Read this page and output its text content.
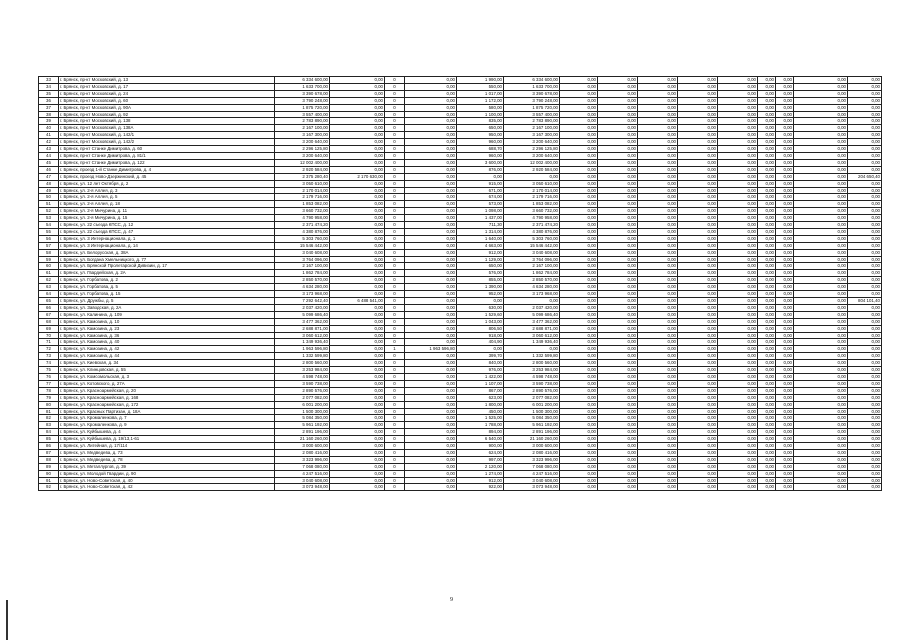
33	г. Брянск, пр-кт Московский, д. 13	6 334 600,00	0,00	0	0,00	1 990,00	6 334 600,00	0,00	0,00	0,00	0,00	0,00	0,00	0,00	0,00	0,00
34	г. Брянск, пр-кт Московский, д. 17	1 633 700,00	0,00	0	0,00	550,00	1 633 700,00	0,00	0,00	0,00	0,00	0,00	0,00	0,00	0,00	0,00
35	г. Брянск, пр-кт Московский, д. 24	3 390 678,00	0,00	0	0,00	1 017,00	3 390 678,00	0,00	0,00	0,00	0,00	0,00	0,00	0,00	0,00	0,00
36	г. Брянск, пр-кт Московский, д. 60	3 790 248,00	0,00	0	0,00	1 172,00	3 790 248,00	0,00	0,00	0,00	0,00	0,00	0,00	0,00	0,00	0,00
37	г. Брянск, пр-кт Московский, д. 90А	1 875 720,00	0,00	0	0,00	580,00	1 875 720,00	0,00	0,00	0,00	0,00	0,00	0,00	0,00	0,00	0,00
38	г. Брянск, пр-кт Московский, д. 92	3 557 400,00	0,00	0	0,00	1 100,00	3 557 400,00	0,00	0,00	0,00	0,00	0,00	0,00	0,00	0,00	0,00
39	г. Брянск, пр-кт Московский, д. 138	2 783 890,00	0,00	0	0,00	835,00	2 783 890,00	0,00	0,00	0,00	0,00	0,00	0,00	0,00	0,00	0,00
40	г. Брянск, пр-кт Московский, д. 138А	2 167 100,00	0,00	0	0,00	650,00	2 167 100,00	0,00	0,00	0,00	0,00	0,00	0,00	0,00	0,00	0,00
41	г. Брянск, пр-кт Московский, д. 142/1	3 167 300,00	0,00	0	0,00	950,00	3 167 300,00	0,00	0,00	0,00	0,00	0,00	0,00	0,00	0,00	0,00
42	г. Брянск, пр-кт Московский, д. 142/2	3 200 640,00	0,00	0	0,00	960,00	3 200 640,00	0,00	0,00	0,00	0,00	0,00	0,00	0,00	0,00	0,00
43	г. Брянск, пр-кт Станке Димитрова, д. 60	2 296 125,80	0,00	0	0,00	688,70	2 296 125,80	0,00	0,00	0,00	0,00	0,00	0,00	0,00	0,00	0,00
44	г. Брянск, пр-кт Станке Димитрова, д. 81/1	3 200 640,00	0,00	0	0,00	960,00	3 200 640,00	0,00	0,00	0,00	0,00	0,00	0,00	0,00	0,00	0,00
45	г. Брянск, пр-кт Станке Димитрова, д. 122	12 002 400,00	0,00	0	0,00	3 600,00	12 002 400,00	0,00	0,00	0,00	0,00	0,00	0,00	0,00	0,00	0,00
46	г. Брянск, проезд 1-й Станке Димитрова, д. 4	2 920 584,00	0,00	0	0,00	876,00	2 920 584,00	0,00	0,00	0,00	0,00	0,00	0,00	0,00	0,00	0,00
47	г. Брянск, проезд Ново-Дзержинский, д. 45	2 375 280,40	2 170 630,00	0	0,00	0,00	0,00	0,00	0,00	0,00	0,00	0,00	0,00	0,00	0,00	204 650,40
48	г. Брянск, ул. 12 лет Октября, д. 2	3 050 610,00	0,00	0	0,00	915,00	3 050 610,00	0,00	0,00	0,00	0,00	0,00	0,00	0,00	0,00	0,00
49	г. Брянск, ул. 2-я Аллея, д. 3	2 170 014,00	0,00	0	0,00	671,00	2 170 014,00	0,00	0,00	0,00	0,00	0,00	0,00	0,00	0,00	0,00
50	г. Брянск, ул. 2-я Аллея, д. 5	2 179 716,00	0,00	0	0,00	674,00	2 179 716,00	0,00	0,00	0,00	0,00	0,00	0,00	0,00	0,00	0,00
51	г. Брянск, ул. 2-я Аллея, д. 18	1 853 082,00	0,00	0	0,00	573,00	1 853 082,00	0,00	0,00	0,00	0,00	0,00	0,00	0,00	0,00	0,00
52	г. Брянск, ул. 2-я Мичурина, д. 11	3 660 732,00	0,00	0	0,00	1 098,00	3 660 732,00	0,00	0,00	0,00	0,00	0,00	0,00	0,00	0,00	0,00
53	г. Брянск, ул. 2-я Мичурина, д. 15	4 790 958,00	0,00	0	0,00	1 437,00	4 790 958,00	0,00	0,00	0,00	0,00	0,00	0,00	0,00	0,00	0,00
54	г. Брянск, ул. 22 съезда КПСС, д. 12	2 371 474,20	0,00	0	0,00	711,30	2 371 474,20	0,00	0,00	0,00	0,00	0,00	0,00	0,00	0,00	0,00
55	г. Брянск, ул. 22 съезда КПСС, д. 47	4 380 876,00	0,00	0	0,00	1 314,00	4 380 876,00	0,00	0,00	0,00	0,00	0,00	0,00	0,00	0,00	0,00
56	г. Брянск, ул. 3 Интернационала, д. 1	5 303 760,00	0,00	0	0,00	1 640,00	5 303 760,00	0,00	0,00	0,00	0,00	0,00	0,00	0,00	0,00	0,00
57	г. Брянск, ул. 3 Интернационала, д. 14	15 546 442,00	0,00	0	0,00	4 663,00	15 546 442,00	0,00	0,00	0,00	0,00	0,00	0,00	0,00	0,00	0,00
58	г. Брянск, ул. Белорусская, д. 38А	3 040 608,00	0,00	0	0,00	912,00	3 040 608,00	0,00	0,00	0,00	0,00	0,00	0,00	0,00	0,00	0,00
59	г. Брянск, ул. Богдана Хмельницкого, д. 77	3 764 096,00	0,00	0	0,00	1 129,00	3 764 096,00	0,00	0,00	0,00	0,00	0,00	0,00	0,00	0,00	0,00
60	г. Брянск, ул. Брянской Пролетарской Дивизии, д. 17	2 167 100,00	0,00	0	0,00	650,00	2 167 100,00	0,00	0,00	0,00	0,00	0,00	0,00	0,00	0,00	0,00
61	г. Брянск, ул. Гвардейская, д. 2А	1 862 784,00	0,00	0	0,00	576,00	1 862 784,00	0,00	0,00	0,00	0,00	0,00	0,00	0,00	0,00	0,00
62	г. Брянск, ул. Горбатова, д. 2	2 850 570,00	0,00	0	0,00	855,00	2 850 570,00	0,00	0,00	0,00	0,00	0,00	0,00	0,00	0,00	0,00
63	г. Брянск, ул. Горбатова, д. 5	4 634 280,00	0,00	0	0,00	1 390,00	4 634 280,00	0,00	0,00	0,00	0,00	0,00	0,00	0,00	0,00	0,00
64	г. Брянск, ул. Горбатова, д. 15	3 173 968,00	0,00	0	0,00	952,00	3 173 968,00	0,00	0,00	0,00	0,00	0,00	0,00	0,00	0,00	0,00
65	г. Брянск, ул. Дружбы, д. 5	7 292 642,40	6 488 541,00	0	0,00	0,00	0,00	0,00	0,00	0,00	0,00	0,00	0,00	0,00	0,00	804 101,40
66	г. Брянск, ул. Заводская, д. 2А	2 037 420,00	0,00	0	0,00	630,00	2 037 420,00	0,00	0,00	0,00	0,00	0,00	0,00	0,00	0,00	0,00
67	г. Брянск, ул. Калинина, д. 109	5 099 686,40	0,00	0	0,00	1 529,60	5 099 686,40	0,00	0,00	0,00	0,00	0,00	0,00	0,00	0,00	0,00
68	г. Брянск, ул. Камозина, д. 10	3 477 362,00	0,00	0	0,00	1 043,00	3 477 362,00	0,00	0,00	0,00	0,00	0,00	0,00	0,00	0,00	0,00
69	г. Брянск, ул. Камозина, д. 23	2 688 871,00	0,00	0	0,00	806,50	2 688 871,00	0,00	0,00	0,00	0,00	0,00	0,00	0,00	0,00	0,00
70	г. Брянск, ул. Камозина, д. 36	3 060 612,00	0,00	0	0,00	918,00	3 060 612,00	0,00	0,00	0,00	0,00	0,00	0,00	0,00	0,00	0,00
71	г. Брянск, ул. Камозина, д. 40	1 349 936,40	0,00	0	0,00	404,90	1 349 936,40	0,00	0,00	0,00	0,00	0,00	0,00	0,00	0,00	0,00
72	г. Брянск, ул. Камозина, д. 42	1 963 596,80	0,00	1	1 963 596,80	0,00	0,00	0,00	0,00	0,00	0,00	0,00	0,00	0,00	0,00	0,00
73	г. Брянск, ул. Камозина, д. 44	1 332 599,80	0,00	0	0,00	399,70	1 332 599,80	0,00	0,00	0,00	0,00	0,00	0,00	0,00	0,00	0,00
74	г. Брянск, ул. Киевская, д. 34	2 800 560,00	0,00	0	0,00	840,00	2 800 560,00	0,00	0,00	0,00	0,00	0,00	0,00	0,00	0,00	0,00
75	г. Брянск, ул. Клинцовская, д. 55	3 253 984,00	0,00	0	0,00	976,00	3 253 984,00	0,00	0,00	0,00	0,00	0,00	0,00	0,00	0,00	0,00
76	г. Брянск, ул. Комсомольская, д. 3	4 598 748,00	0,00	0	0,00	1 422,00	4 598 748,00	0,00	0,00	0,00	0,00	0,00	0,00	0,00	0,00	0,00
77	г. Брянск, ул. Котовского, д. 27А	3 590 738,00	0,00	0	0,00	1 107,00	3 590 738,00	0,00	0,00	0,00	0,00	0,00	0,00	0,00	0,00	0,00
78	г. Брянск, ул. Красноармейская, д. 20	2 890 576,00	0,00	0	0,00	867,00	2 890 576,00	0,00	0,00	0,00	0,00	0,00	0,00	0,00	0,00	0,00
79	г. Брянск, ул. Красноармейская, д. 168	2 077 082,00	0,00	0	0,00	623,00	2 077 082,00	0,00	0,00	0,00	0,00	0,00	0,00	0,00	0,00	0,00
80	г. Брянск, ул. Красноармейская, д. 172	6 001 200,00	0,00	0	0,00	1 800,00	6 001 200,00	0,00	0,00	0,00	0,00	0,00	0,00	0,00	0,00	0,00
81	г. Брянск, ул. Красных Партизан, д. 18А	1 500 300,00	0,00	0	0,00	450,00	1 500 300,00	0,00	0,00	0,00	0,00	0,00	0,00	0,00	0,00	0,00
82	г. Брянск, ул. Кромаленкова, д. 7	5 084 350,00	0,00	0	0,00	1 525,00	5 084 350,00	0,00	0,00	0,00	0,00	0,00	0,00	0,00	0,00	0,00
83	г. Брянск, ул. Кромаленкова, д. 9	5 961 192,00	0,00	0	0,00	1 788,00	5 961 192,00	0,00	0,00	0,00	0,00	0,00	0,00	0,00	0,00	0,00
84	г. Брянск, ул. Куйбышева, д. 4	2 891 196,00	0,00	0	0,00	894,00	2 891 196,00	0,00	0,00	0,00	0,00	0,00	0,00	0,00	0,00	0,00
85	г. Брянск, ул. Куйбышева, д. 19/13,1-61	21 160 260,00	0,00	0	0,00	6 540,00	21 160 260,00	0,00	0,00	0,00	0,00	0,00	0,00	0,00	0,00	0,00
86	г. Брянск, ул. Литейная, д. 17/114	3 000 600,00	0,00	0	0,00	900,00	3 000 600,00	0,00	0,00	0,00	0,00	0,00	0,00	0,00	0,00	0,00
87	г. Брянск, ул. Медведева, д. 73	2 080 416,00	0,00	0	0,00	624,00	2 080 416,00	0,00	0,00	0,00	0,00	0,00	0,00	0,00	0,00	0,00
88	г. Брянск, ул. Медведева, д. 78	3 323 996,00	0,00	0	0,00	997,00	3 323 996,00	0,00	0,00	0,00	0,00	0,00	0,00	0,00	0,00	0,00
89	г. Брянск, ул. Металлургов, д. 39	7 068 080,00	0,00	0	0,00	2 120,00	7 068 080,00	0,00	0,00	0,00	0,00	0,00	0,00	0,00	0,00	0,00
90	г. Брянск, ул. Молодой Гвардии, д. 90	4 247 516,00	0,00	0	0,00	1 274,00	4 247 516,00	0,00	0,00	0,00	0,00	0,00	0,00	0,00	0,00	0,00
91	г. Брянск, ул. Ново-Советская, д. 40	3 040 608,00	0,00	0	0,00	912,00	3 040 608,00	0,00	0,00	0,00	0,00	0,00	0,00	0,00	0,00	0,00
92	г. Брянск, ул. Ново-Советская, д. 42	3 073 948,00	0,00	0	0,00	922,00	3 073 948,00	0,00	0,00	0,00	0,00	0,00	0,00	0,00	0,00	0,00
9
